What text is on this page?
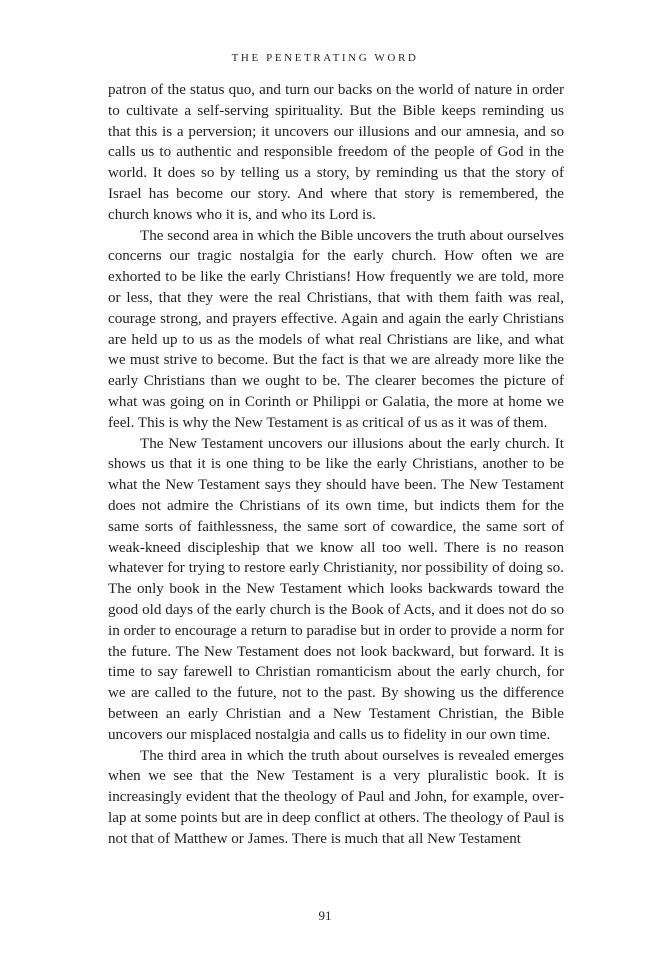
THE PENETRATING WORD

patron of the status quo, and turn our backs on the world of nature in order to cultivate a self-serving spirituality. But the Bible keeps reminding us that this is a perversion; it uncovers our illusions and our amnesia, and so calls us to authentic and responsible freedom of the people of God in the world. It does so by telling us a story, by reminding us that the story of Israel has become our story. And where that story is remembered, the church knows who it is, and who its Lord is.

The second area in which the Bible uncovers the truth about ourselves concerns our tragic nostalgia for the early church. How often we are exhorted to be like the early Christians! How frequently we are told, more or less, that they were the real Christians, that with them faith was real, courage strong, and prayers effective. Again and again the early Christians are held up to us as the models of what real Christians are like, and what we must strive to become. But the fact is that we are already more like the early Christians than we ought to be. The clearer becomes the picture of what was going on in Corinth or Philippi or Galatia, the more at home we feel. This is why the New Testament is as critical of us as it was of them.

The New Testament uncovers our illusions about the early church. It shows us that it is one thing to be like the early Christians, another to be what the New Testament says they should have been. The New Testament does not admire the Christians of its own time, but indicts them for the same sorts of faithlessness, the same sort of cowardice, the same sort of weak-kneed discipleship that we know all too well. There is no reason whatever for trying to restore early Christianity, nor possibility of doing so. The only book in the New Testament which looks backwards toward the good old days of the early church is the Book of Acts, and it does not do so in order to encourage a return to paradise but in order to provide a norm for the future. The New Testament does not look backward, but forward. It is time to say farewell to Christian romanticism about the early church, for we are called to the future, not to the past. By showing us the difference between an early Christian and a New Testament Christian, the Bible uncovers our misplaced nostalgia and calls us to fidelity in our own time.

The third area in which the truth about ourselves is revealed emerges when we see that the New Testament is a very pluralistic book. It is increasingly evident that the theology of Paul and John, for example, overlap at some points but are in deep conflict at others. The theology of Paul is not that of Matthew or James. There is much that all New Testament

91
